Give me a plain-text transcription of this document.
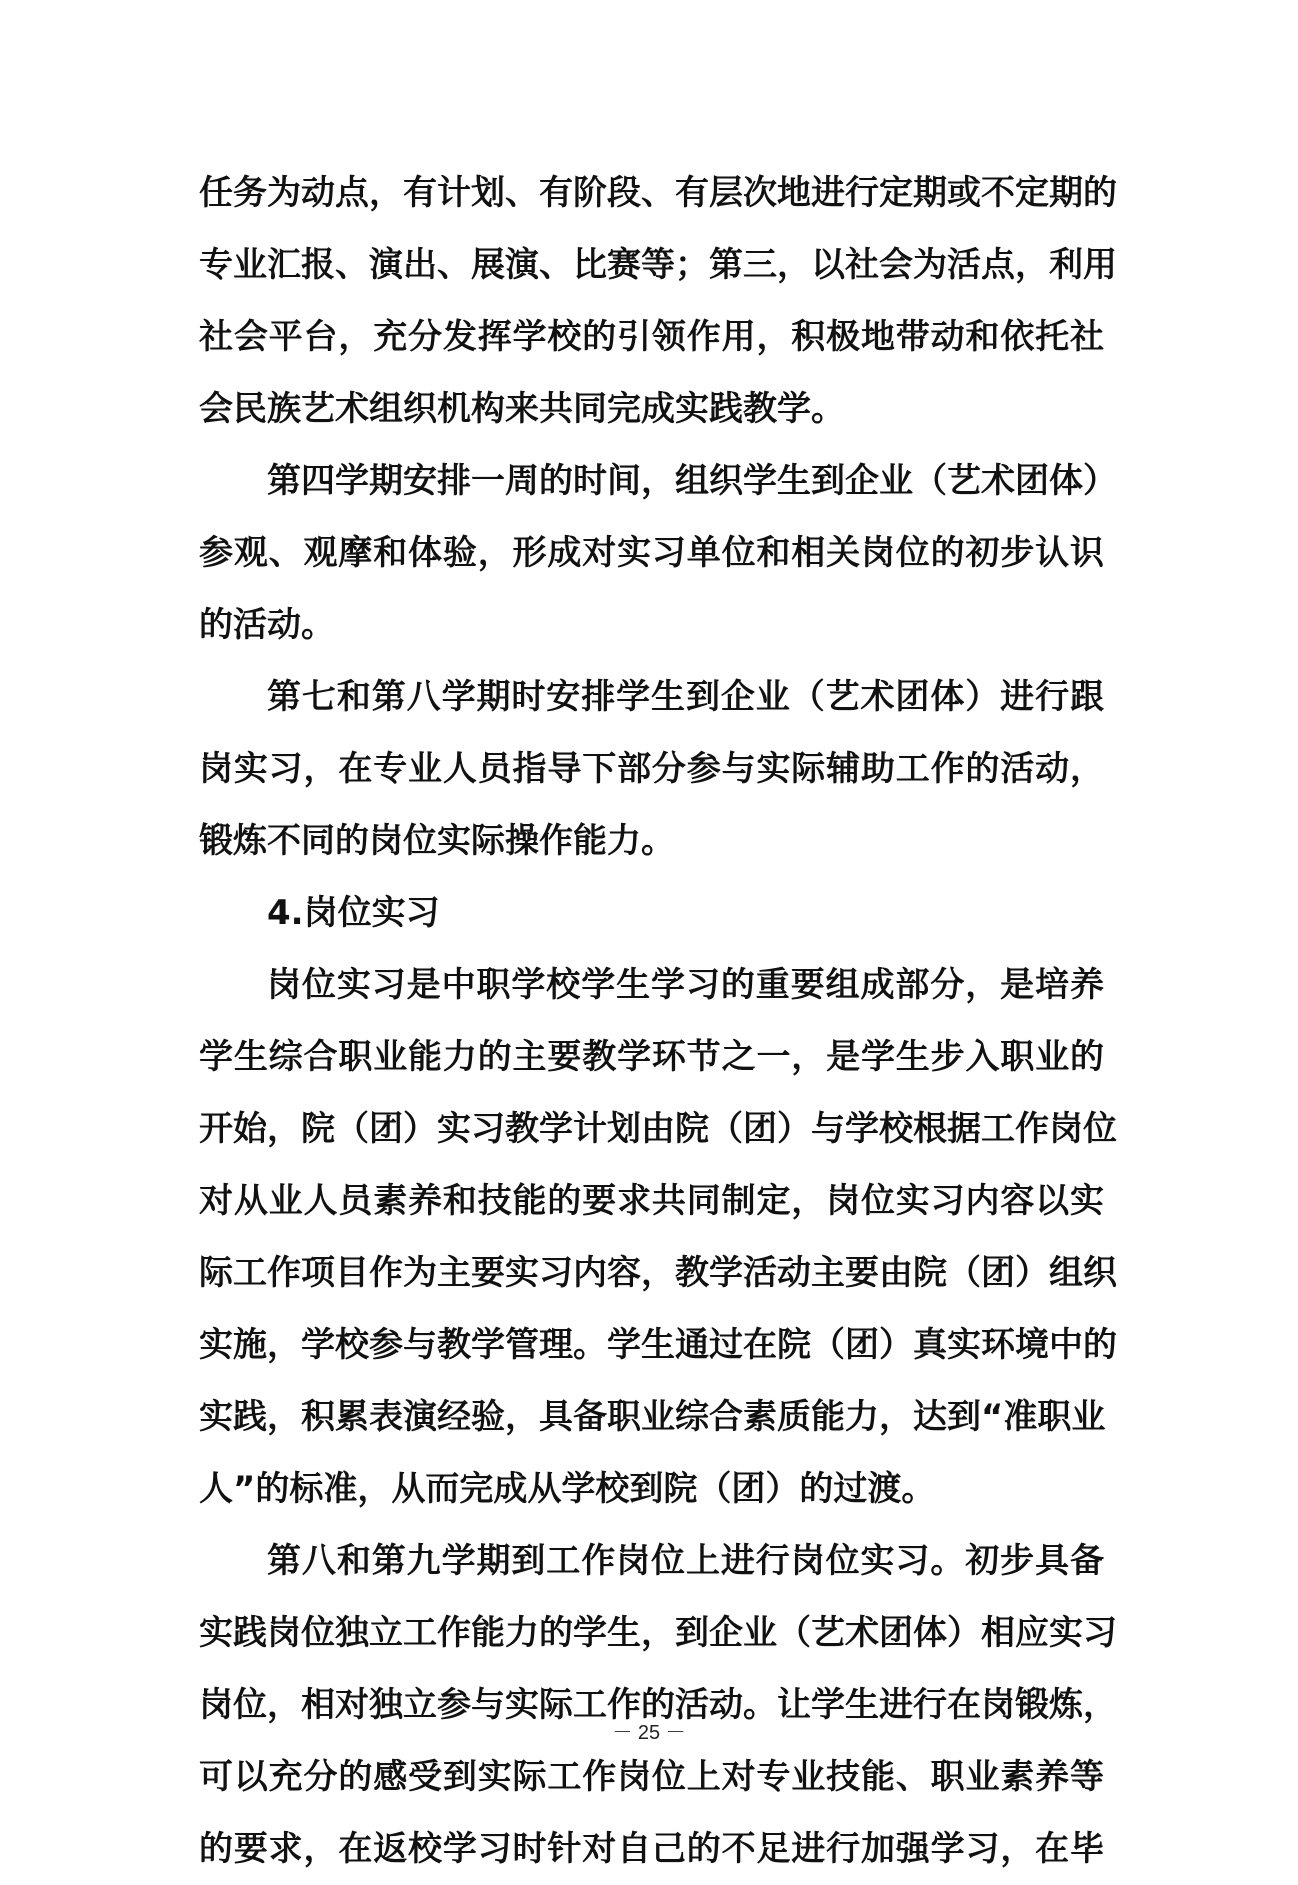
任务为动点，有计划、有阶段、有层次地进行定期或不定期的
专业汇报、演出、展演、比赛等；第三，以社会为活点，利用
社会平台，充分发挥学校的引领作用，积极地带动和依托社
会民族艺术组织机构来共同完成实践教学。
第四学期安排一周的时间，组织学生到企业（艺术团体）
参观、观摩和体验，形成对实习单位和相关岗位的初步认识
的活动。
第七和第八学期时安排学生到企业（艺术团体）进行跟
岗实习，在专业人员指导下部分参与实际辅助工作的活动，
锻炼不同的岗位实际操作能力。
4.岗位实习
岗位实习是中职学校学生学习的重要组成部分，是培养
学生综合职业能力的主要教学环节之一，是学生步入职业的
开始，院（团）实习教学计划由院（团）与学校根据工作岗位
对从业人员素养和技能的要求共同制定，岗位实习内容以实
际工作项目作为主要实习内容，教学活动主要由院（团）组织
实施，学校参与教学管理。学生通过在院（团）真实环境中的
实践，积累表演经验，具备职业综合素质能力，达到“准职业
人”的标准，从而完成从学校到院（团）的过渡。
第八和第九学期到工作岗位上进行岗位实习。初步具备
实践岗位独立工作能力的学生，到企业（艺术团体）相应实习
岗位，相对独立参与实际工作的活动。让学生进行在岗锻炼，
可以充分的感受到实际工作岗位上对专业技能、职业素养等
的要求，在返校学习时针对自己的不足进行加强学习，在毕
－ 25 －
